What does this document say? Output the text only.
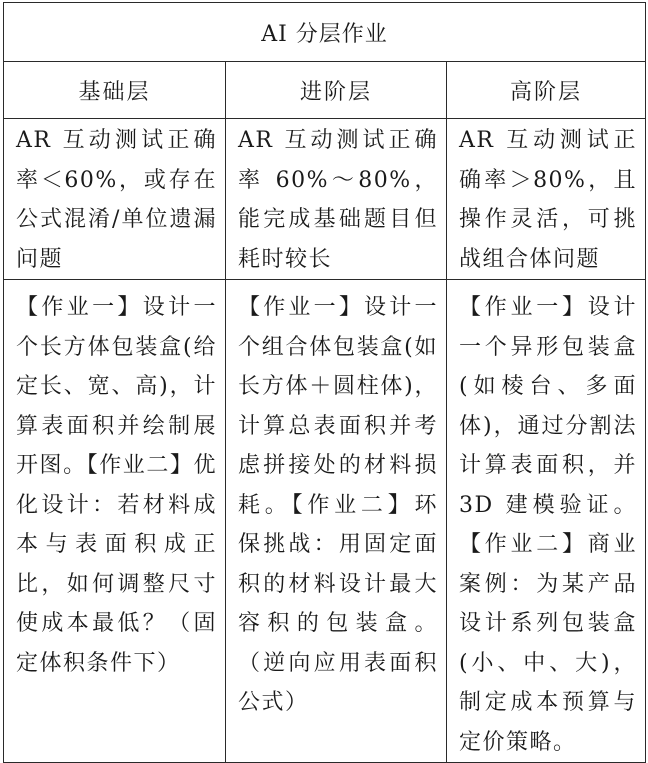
AI 分层作业		
基础层	进阶层	高阶层

AR 互动测试正确率＜60%，或存在公式混淆/单位遗漏问题	AR 互动测试正确率 60%～80%，能完成基础题目但耗时较长	AR 互动测试正确率＞80%，且操作灵活，可挑战组合体问题

【作业一】设计一个长方体包装盒(给定长、宽、高)，计算表面积并绘制展开图。【作业二】优化设计：若材料成本与表面积成正比，如何调整尺寸使成本最低？（固定体积条件下）	【作业一】设计一个组合体包装盒(如长方体＋圆柱体)，计算总表面积并考虑拼接处的材料损耗。【作业二】环保挑战：用固定面积的材料设计最大容积的包装盒。（逆向应用表面积公式）	【作业一】设计一个异形包装盒(如棱台、多面体)，通过分割法计算表面积，并3D 建模验证。【作业二】商业案例：为某产品设计系列包装盒(小、中、大)，制定成本预算与定价策略。
